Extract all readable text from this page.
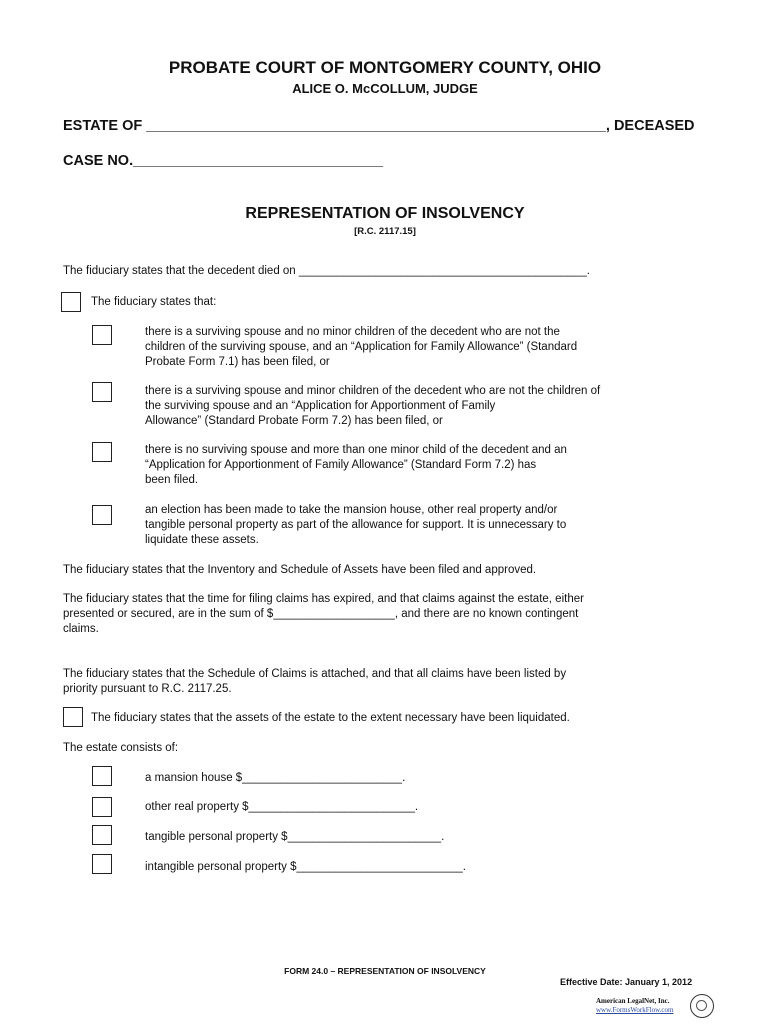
PROBATE COURT OF MONTGOMERY COUNTY, OHIO
ALICE O. McCOLLUM, JUDGE
ESTATE OF _________________________________________________________, DECEASED
CASE NO._______________________________
REPRESENTATION OF INSOLVENCY
[R.C. 2117.15]
The fiduciary states that the decedent died on _____________________________________________.
The fiduciary states that:
there is a surviving spouse and no minor children of the decedent who are not the
children of the surviving spouse, and an “Application for Family Allowance” (Standard
Probate Form 7.1) has been filed, or
there is a surviving spouse and minor children of the decedent who are not the children of
the surviving spouse and an “Application for Apportionment of Family
Allowance” (Standard Probate Form 7.2) has been filed, or
there is no surviving spouse and more than one minor child of the decedent and an
“Application for Apportionment of Family Allowance” (Standard Form 7.2) has
been filed.
an election has been made to take the mansion house, other real property and/or
tangible personal property as part of the allowance for support. It is unnecessary to
liquidate these assets.
The fiduciary states that the Inventory and Schedule of Assets have been filed and approved.
The fiduciary states that the time for filing claims has expired, and that claims against the estate, either
presented or secured, are in the sum of $___________________, and there are no known contingent
claims.
The fiduciary states that the Schedule of Claims is attached, and that all claims have been listed by
priority pursuant to R.C. 2117.25.
The fiduciary states that the assets of the estate to the extent necessary have been liquidated.
The estate consists of:
a mansion house $_________________________.
other real property $__________________________.
tangible personal property $________________________.
intangible personal property $__________________________.
FORM 24.0 – REPRESENTATION OF INSOLVENCY
Effective Date: January 1, 2012
American LegalNet, Inc.
www.FormsWorkFlow.com
